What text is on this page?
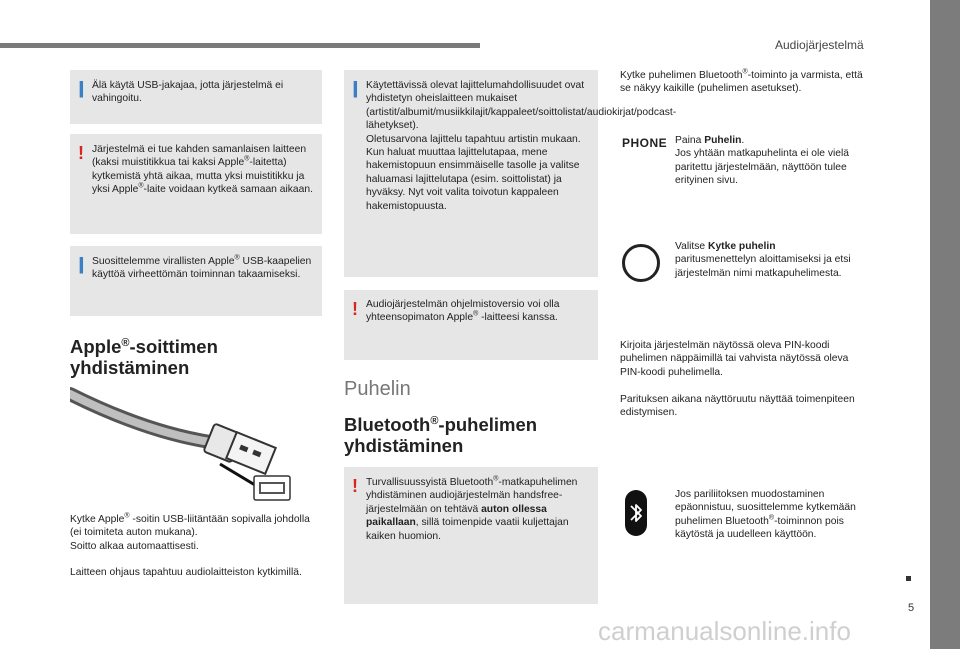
Audiojärjestelmä
5
ǀ Älä käytä USB-jakajaa, jotta järjestelmä ei vahingoitu.
! Järjestelmä ei tue kahden samanlaisen laitteen (kaksi muistitikkua tai kaksi Apple®-laitetta) kytkemistä yhtä aikaa, mutta yksi muistitikku ja yksi Apple®-laite voidaan kytkeä samaan aikaan.
ǀ Suosittelemme virallisten Apple® USB-kaapelien käyttöä virheettömän toiminnan takaamiseksi.
Apple®-soittimen yhdistäminen
Kytke Apple® -soitin USB-liitäntään sopivalla johdolla (ei toimiteta auton mukana).
Soitto alkaa automaattisesti.
Laitteen ohjaus tapahtuu audiolaitteiston kytkimillä.
ǀ Käytettävissä olevat lajittelumahdollisuudet ovat yhdistetyn oheislaitteen mukaiset (artistit/albumit/musiikkilajit/kappaleet/soittolistat/audiokirjat/podcast-lähetykset).
Oletusarvona lajittelu tapahtuu artistin mukaan. Kun haluat muuttaa lajittelutapaa, mene hakemistopuun ensimmäiselle tasolle ja valitse haluamasi lajittelutapa (esim. soittolistat) ja hyväksy. Nyt voit valita toivotun kappaleen hakemistopuusta.
! Audiojärjestelmän ohjelmistoversio voi olla yhteensopimaton Apple® -laitteesi kanssa.
Puhelin
Bluetooth®-puhelimen yhdistäminen
! Turvallisuussyistä Bluetooth®-matkapuhelimen yhdistäminen audiojärjestelmän handsfree-järjestelmään on tehtävä auton ollessa paikallaan, sillä toimenpide vaatii kuljettajan kaiken huomion.
Kytke puhelimen Bluetooth®-toiminto ja varmista, että se näkyy kaikille (puhelimen asetukset).
PHONE Paina Puhelin.
Jos yhtään matkapuhelinta ei ole vielä paritettu järjestelmään, näyttöön tulee erityinen sivu.
Valitse Kytke puhelin
paritusmenettelyn aloittamiseksi ja etsi järjestelmän nimi matkapuhelimesta.
Kirjoita järjestelmän näytössä oleva PIN-koodi puhelimen näppäimillä tai vahvista näytössä oleva PIN-koodi puhelimella.
Parituksen aikana näyttöruutu näyttää toimenpiteen edistymisen.
Jos pariliitoksen muodostaminen epäonnistuu, suosittelemme kytkemään puhelimen Bluetooth®-toiminnon pois käytöstä ja uudelleen käyttöön.
carmanualsonline.info
